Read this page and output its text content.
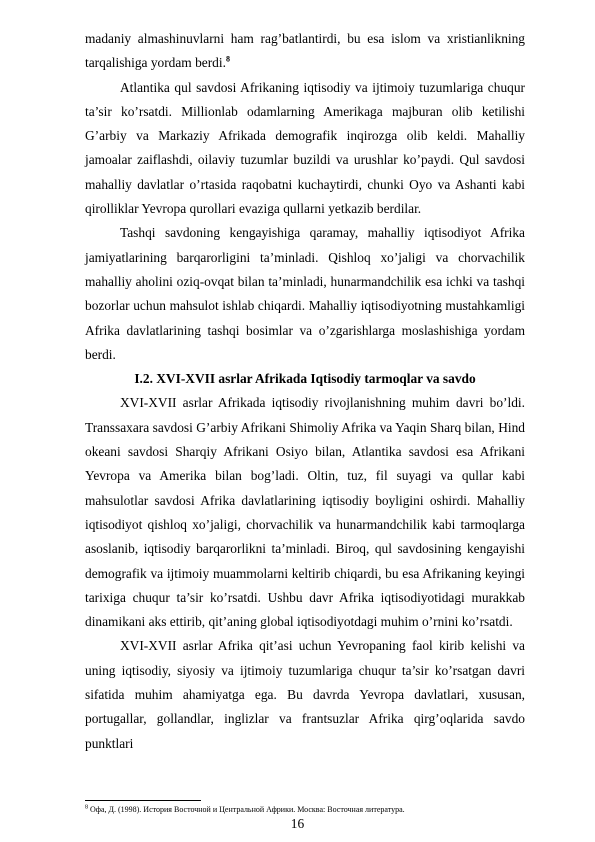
madaniy almashinuvlarni ham rag’batlantirdi, bu esa islom va xristianlikning tarqalishiga yordam berdi.$^8$

Atlantika qul savdosi Afrikaning iqtisodiy va ijtimoiy tuzumlariga chuqur ta’sir ko’rsatdi. Millionlab odamlarning Amerikaga majburan olib ketilishi G’arbiy va Markaziy Afrikada demografik inqirozga olib keldi. Mahalliy jamoalar zaiflashdi, oilaviy tuzumlar buzildi va urushlar ko’paydi. Qul savdosi mahalliy davlatlar o’rtasida raqobatni kuchaytirdi, chunki Oyo va Ashanti kabi qirolliklar Yevropa qurollari evaziga qullarni yetkazib berdilar.

Tashqi savdoning kengayishiga qaramay, mahalliy iqtisodiyot Afrika jamiyatlarining barqarorligini ta’minladi. Qishloq xo’jaligi va chorvachilik mahalliy aholini oziq-ovqat bilan ta’minladi, hunarmandchilik esa ichki va tashqi bozorlar uchun mahsulot ishlab chiqardi. Mahalliy iqtisodiyotning mustahkamligi Afrika davlatlarining tashqi bosimlar va o’zgarishlarga moslashishiga yordam berdi.

I.2. XVI-XVII asrlar Afrikada Iqtisodiy tarmoqlar va savdo

XVI-XVII asrlar Afrikada iqtisodiy rivojlanishning muhim davri bo’ldi. Transsaxara savdosi G’arbiy Afrikani Shimoliy Afrika va Yaqin Sharq bilan, Hind okeani savdosi Sharqiy Afrikani Osiyo bilan, Atlantika savdosi esa Afrikani Yevropa va Amerika bilan bog’ladi. Oltin, tuz, fil suyagi va qullar kabi mahsulotlar savdosi Afrika davlatlarining iqtisodiy boyligini oshirdi. Mahalliy iqtisodiyot qishloq xo’jaligi, chorvachilik va hunarmandchilik kabi tarmoqlarga asoslanib, iqtisodiy barqarorlikni ta’minladi. Biroq, qul savdosining kengayishi demografik va ijtimoiy muammolarni keltirib chiqardi, bu esa Afrikaning keyingi tarixiga chuqur ta’sir ko’rsatdi. Ushbu davr Afrika iqtisodiyotidagi murakkab dinamikani aks ettirib, qit’aning global iqtisodiyotdagi muhim o’rnini ko’rsatdi.

XVI-XVII asrlar Afrika qit’asi uchun Yevropaning faol kirib kelishi va uning iqtisodiy, siyosiy va ijtimoiy tuzumlariga chuqur ta’sir ko’rsatgan davri sifatida muhim ahamiyatga ega. Bu davrda Yevropa davlatlari, xususan, portugallar, gollandlar, inglizlar va frantsuzlar Afrika qirg’oqlarida savdo punktlari

$^8$ Офа, Д. (1998). История Восточной и Центральной Африки. Москва: Восточная литература.
16
